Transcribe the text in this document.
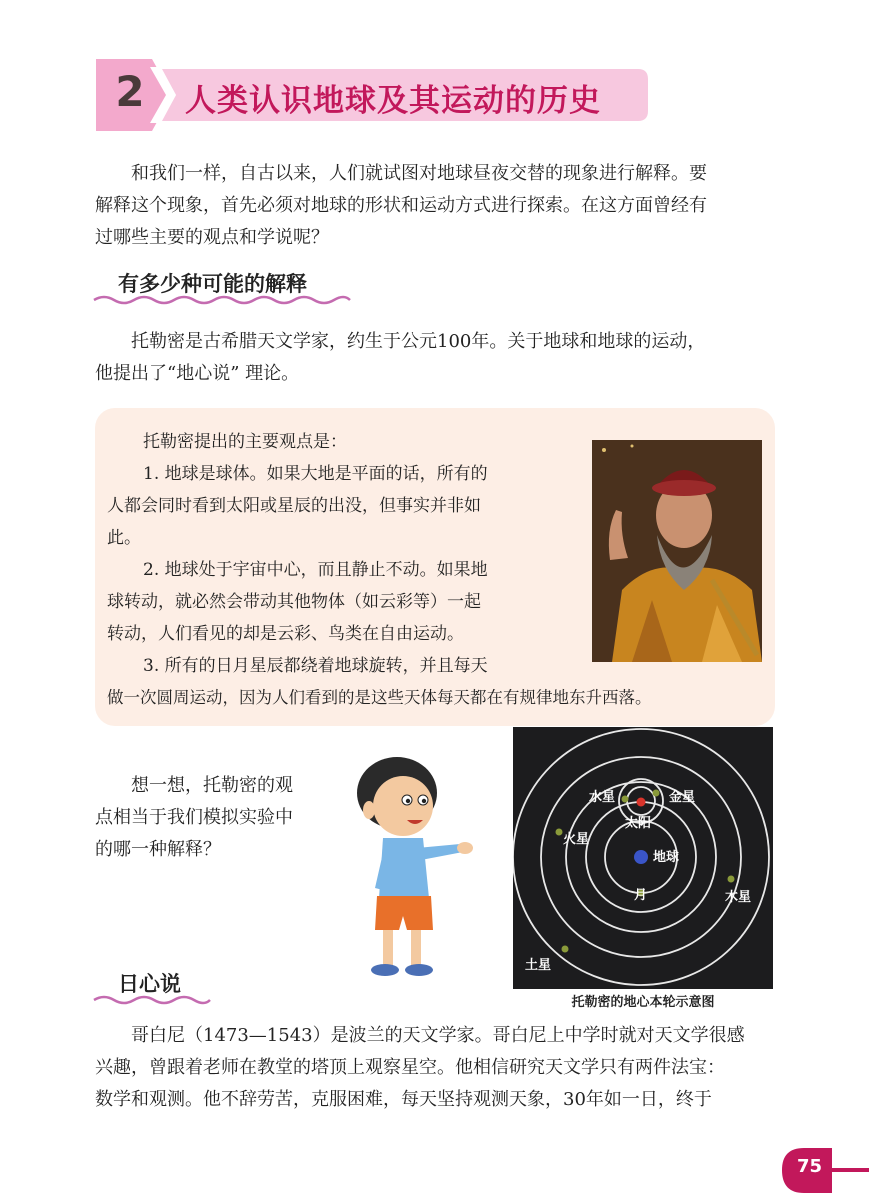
2	人类认识地球及其运动的历史
和我们一样，自古以来，人们就试图对地球昼夜交替的现象进行解释。要
解释这个现象，首先必须对地球的形状和运动方式进行探索。在这方面曾经有
过哪些主要的观点和学说呢？
有多少种可能的解释
托勒密是古希腊天文学家，约生于公元100年。关于地球和地球的运动，
他提出了“地心说” 理论。
托勒密提出的主要观点是：
1. 地球是球体。如果大地是平面的话，所有的
人都会同时看到太阳或星辰的出没，但事实并非如
此。
2. 地球处于宇宙中心，而且静止不动。如果地
球转动，就必然会带动其他物体（如云彩等）一起
转动，人们看见的却是云彩、鸟类在自由运动。
3. 所有的日月星辰都绕着地球旋转，并且每天
做一次圆周运动，因为人们看到的是这些天体每天都在有规律地东升西落。
想一想，托勒密的观
点相当于我们模拟实验中
的哪一种解释？
水星	金星
太阳
火星
地球
月	木星
土星
托勒密的地心本轮示意图
日心说
哥白尼（1473—1543）是波兰的天文学家。哥白尼上中学时就对天文学很感
兴趣，曾跟着老师在教堂的塔顶上观察星空。他相信研究天文学只有两件法宝：
数学和观测。他不辞劳苦，克服困难，每天坚持观测天象，30年如一日，终于
75
